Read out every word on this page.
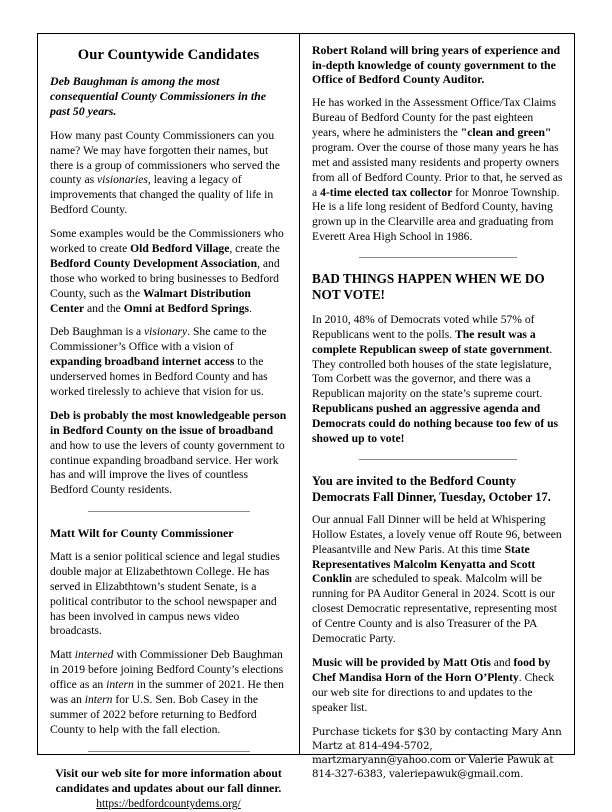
Our Countywide Candidates

Deb Baughman is among the most consequential County Commissioners in the past 50 years.

How many past County Commissioners can you name? We may have forgotten their names, but there is a group of commissioners who served the county as visionaries, leaving a legacy of improvements that changed the quality of life in Bedford County.

Some examples would be the Commissioners who worked to create Old Bedford Village, create the Bedford County Development Association, and those who worked to bring businesses to Bedford County, such as the Walmart Distribution Center and the Omni at Bedford Springs.

Deb Baughman is a visionary. She came to the Commissioner’s Office with a vision of expanding broadband internet access to the underserved homes in Bedford County and has worked tirelessly to achieve that vision for us.

Deb is probably the most knowledgeable person in Bedford County on the issue of broadband and how to use the levers of county government to continue expanding broadband service. Her work has and will improve the lives of countless Bedford County residents.

Matt Wilt for County Commissioner

Matt is a senior political science and legal studies double major at Elizabethtown College. He has served in Elizabthtown’s student Senate, is a political contributor to the school newspaper and has been involved in campus news video broadcasts.

Matt interned with Commissioner Deb Baughman in 2019 before joining Bedford County’s elections office as an intern in the summer of 2021. He then was an intern for U.S. Sen. Bob Casey in the summer of 2022 before returning to Bedford County to help with the fall election.

Visit our web site for more information about

candidates and updates about our fall dinner.

https://bedfordcountydems.org/

Robert Roland will bring years of experience and in-depth knowledge of county government to the Office of Bedford County Auditor.

He has worked in the Assessment Office/Tax Claims Bureau of Bedford County for the past eighteen years, where he administers the "clean and green" program. Over the course of those many years he has met and assisted many residents and property owners from all of Bedford County. Prior to that, he served as a 4-time elected tax collector for Monroe Township. He is a life long resident of Bedford County, having grown up in the Clearville area and graduating from Everett Area High School in 1986.

BAD THINGS HAPPEN WHEN WE DO NOT VOTE!

In 2010, 48% of Democrats voted while 57% of Republicans went to the polls. The result was a complete Republican sweep of state government. They controlled both houses of the state legislature, Tom Corbett was the governor, and there was a Republican majority on the state’s supreme court. Republicans pushed an aggressive agenda and Democrats could do nothing because too few of us showed up to vote!

You are invited to the Bedford County Democrats Fall Dinner, Tuesday, October 17.

Our annual Fall Dinner will be held at Whispering Hollow Estates, a lovely venue off Route 96, between Pleasantville and New Paris. At this time State Representatives Malcolm Kenyatta and Scott Conklin are scheduled to speak. Malcolm will be running for PA Auditor General in 2024. Scott is our closest Democratic representative, representing most of Centre County and is also Treasurer of the PA Democratic Party.

Music will be provided by Matt Otis and food by Chef Mandisa Horn of the Horn O’Plenty. Check our web site for directions to and updates to the speaker list.

Purchase tickets for $30 by contacting Mary Ann Martz at 814-494-5702, martzmaryann@yahoo.com or Valerie Pawuk at 814-327-6383, valeriepawuk@gmail.com.
